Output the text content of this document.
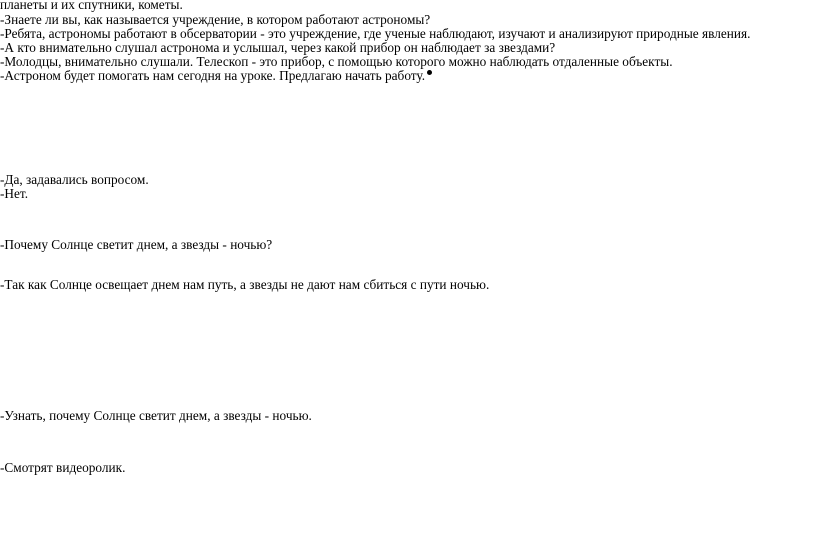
планеты и их спутники, кометы.
-Знаете ли вы, как называется учреждение, в котором работают астрономы?
-Ребята, астрономы работают в обсерватории - это учреждение, где ученые наблюдают, изучают и анализируют природные явления.
-А кто внимательно слушал астронома и услышал, через какой прибор он наблюдает за звездами?
-Молодцы, внимательно слушали. Телескоп - это прибор, с помощью которого можно наблюдать отдаленные объекты.
-Астроном будет помогать нам сегодня на уроке. Предлагаю начать работу.
-Да, задавались вопросом.
-Нет.
-Почему Солнце светит днем, а звезды - ночью?
-Так как Солнце освещает днем нам путь, а звезды не дают нам сбиться с пути ночью.
-Узнать, почему Солнце светит днем, а звезды - ночью.
-Смотрят видеоролик.
